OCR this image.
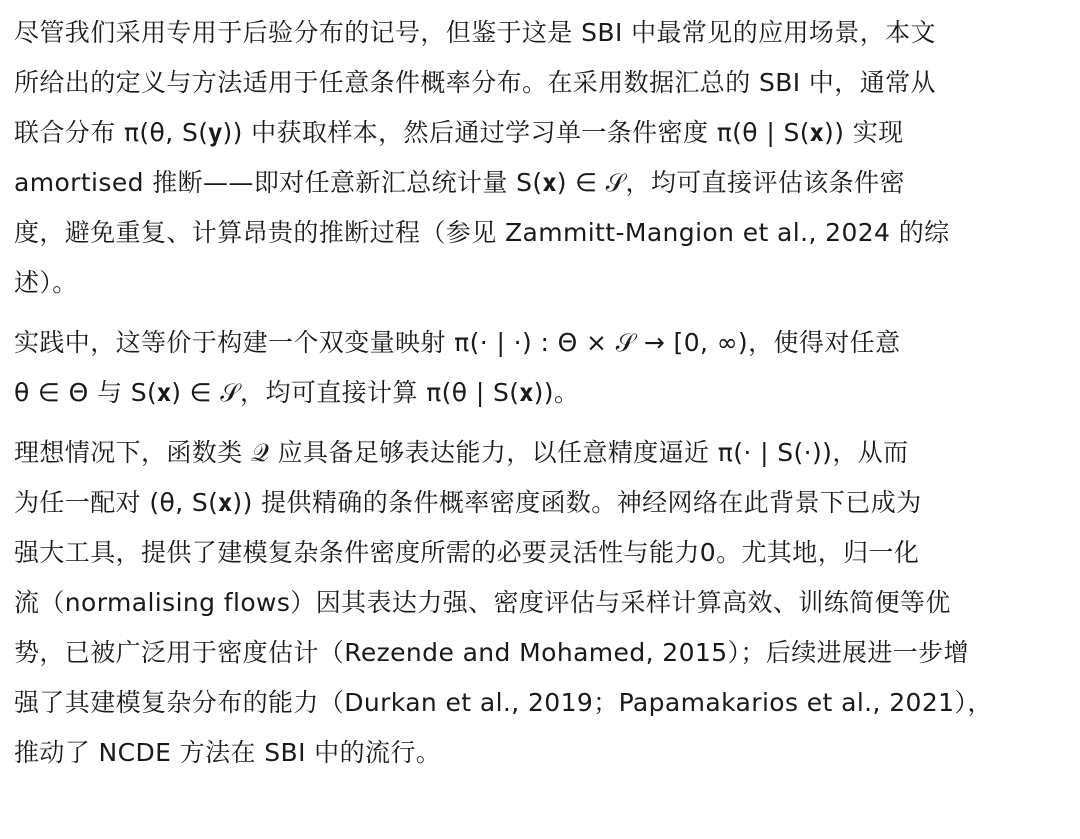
尽管我们采用专用于后验分布的记号，但鉴于这是 SBI 中最常见的应用场景，本文
所给出的定义与方法适用于任意条件概率分布。在采用数据汇总的 SBI 中，通常从
联合分布 π(θ, S(𝐲)) 中获取样本，然后通过学习单一条件密度 π(θ | S(𝐱)) 实现
amortised 推断——即对任意新汇总统计量 S(𝐱) ∈ 𝒮，均可直接评估该条件密
度，避免重复、计算昂贵的推断过程（参见 Zammitt-Mangion et al., 2024 的综
述）。

实践中，这等价于构建一个双变量映射 π(· | ·) : Θ × 𝒮 → [0, ∞)，使得对任意
θ ∈ Θ 与 S(𝐱) ∈ 𝒮，均可直接计算 π(θ | S(𝐱))。

理想情况下，函数类 𝒬 应具备足够表达能力，以任意精度逼近 π(· | S(·))，从而
为任一配对 (θ, S(𝐱)) 提供精确的条件概率密度函数。神经网络在此背景下已成为
强大工具，提供了建模复杂条件密度所需的必要灵活性与能力0。尤其地，归一化
流（normalising flows）因其表达力强、密度评估与采样计算高效、训练简便等优
势，已被广泛用于密度估计（Rezende and Mohamed, 2015）；后续进展进一步增
强了其建模复杂分布的能力（Durkan et al., 2019；Papamakarios et al., 2021），
推动了 NCDE 方法在 SBI 中的流行。
